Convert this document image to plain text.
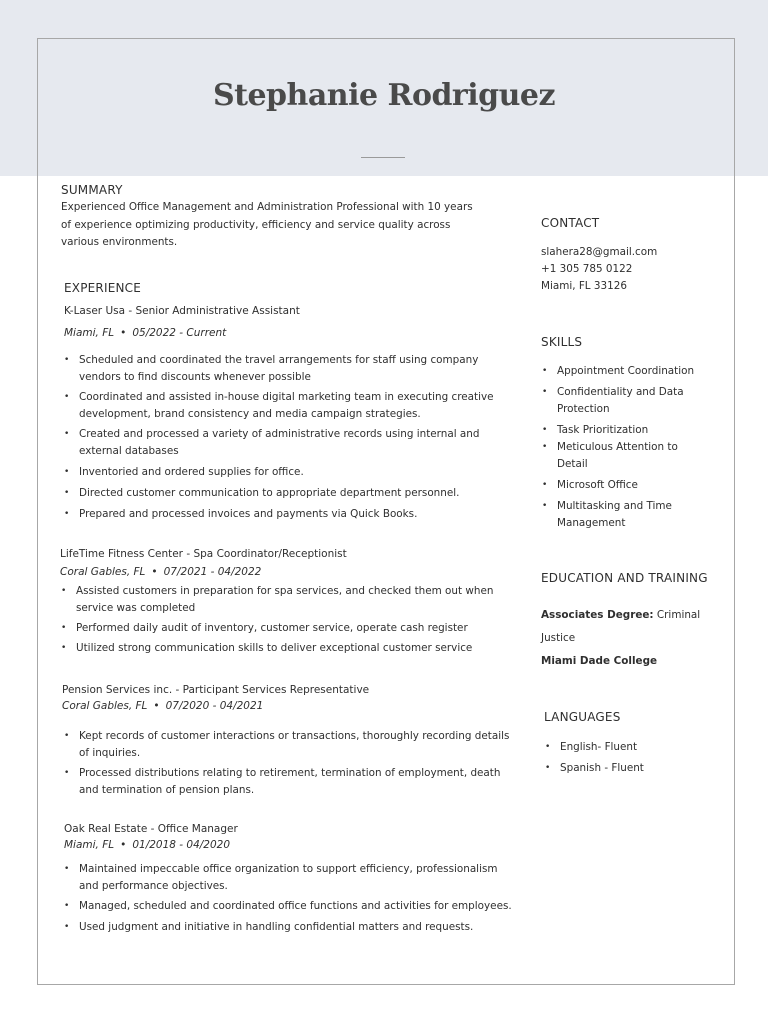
Stephanie Rodriguez
SUMMARY
Experienced Office Management and Administration Professional with 10 years
of experience optimizing productivity, efficiency and service quality across
various environments.
EXPERIENCE
K-Laser Usa - Senior Administrative Assistant
Miami, FL • 05/2022 - Current
• Scheduled and coordinated the travel arrangements for staff using company
vendors to find discounts whenever possible
• Coordinated and assisted in-house digital marketing team in executing creative
development, brand consistency and media campaign strategies.
• Created and processed a variety of administrative records using internal and
external databases
• Inventoried and ordered supplies for office.
• Directed customer communication to appropriate department personnel.
• Prepared and processed invoices and payments via Quick Books.
LifeTime Fitness Center - Spa Coordinator/Receptionist
Coral Gables, FL • 07/2021 - 04/2022
• Assisted customers in preparation for spa services, and checked them out when
service was completed
• Performed daily audit of inventory, customer service, operate cash register
• Utilized strong communication skills to deliver exceptional customer service
Pension Services inc. - Participant Services Representative
Coral Gables, FL • 07/2020 - 04/2021
• Kept records of customer interactions or transactions, thoroughly recording details
of inquiries.
• Processed distributions relating to retirement, termination of employment, death
and termination of pension plans.
Oak Real Estate - Office Manager
Miami, FL • 01/2018 - 04/2020
• Maintained impeccable office organization to support efficiency, professionalism
and performance objectives.
• Managed, scheduled and coordinated office functions and activities for employees.
• Used judgment and initiative in handling confidential matters and requests.
CONTACT
slahera28@gmail.com
+1 305 785 0122
Miami, FL 33126
SKILLS
• Appointment Coordination
• Confidentiality and Data
Protection
• Task Prioritization
• Meticulous Attention to
Detail
• Microsoft Office
• Multitasking and Time
Management
EDUCATION AND TRAINING
Associates Degree: Criminal
Justice
Miami Dade College
LANGUAGES
• English- Fluent
• Spanish - Fluent
